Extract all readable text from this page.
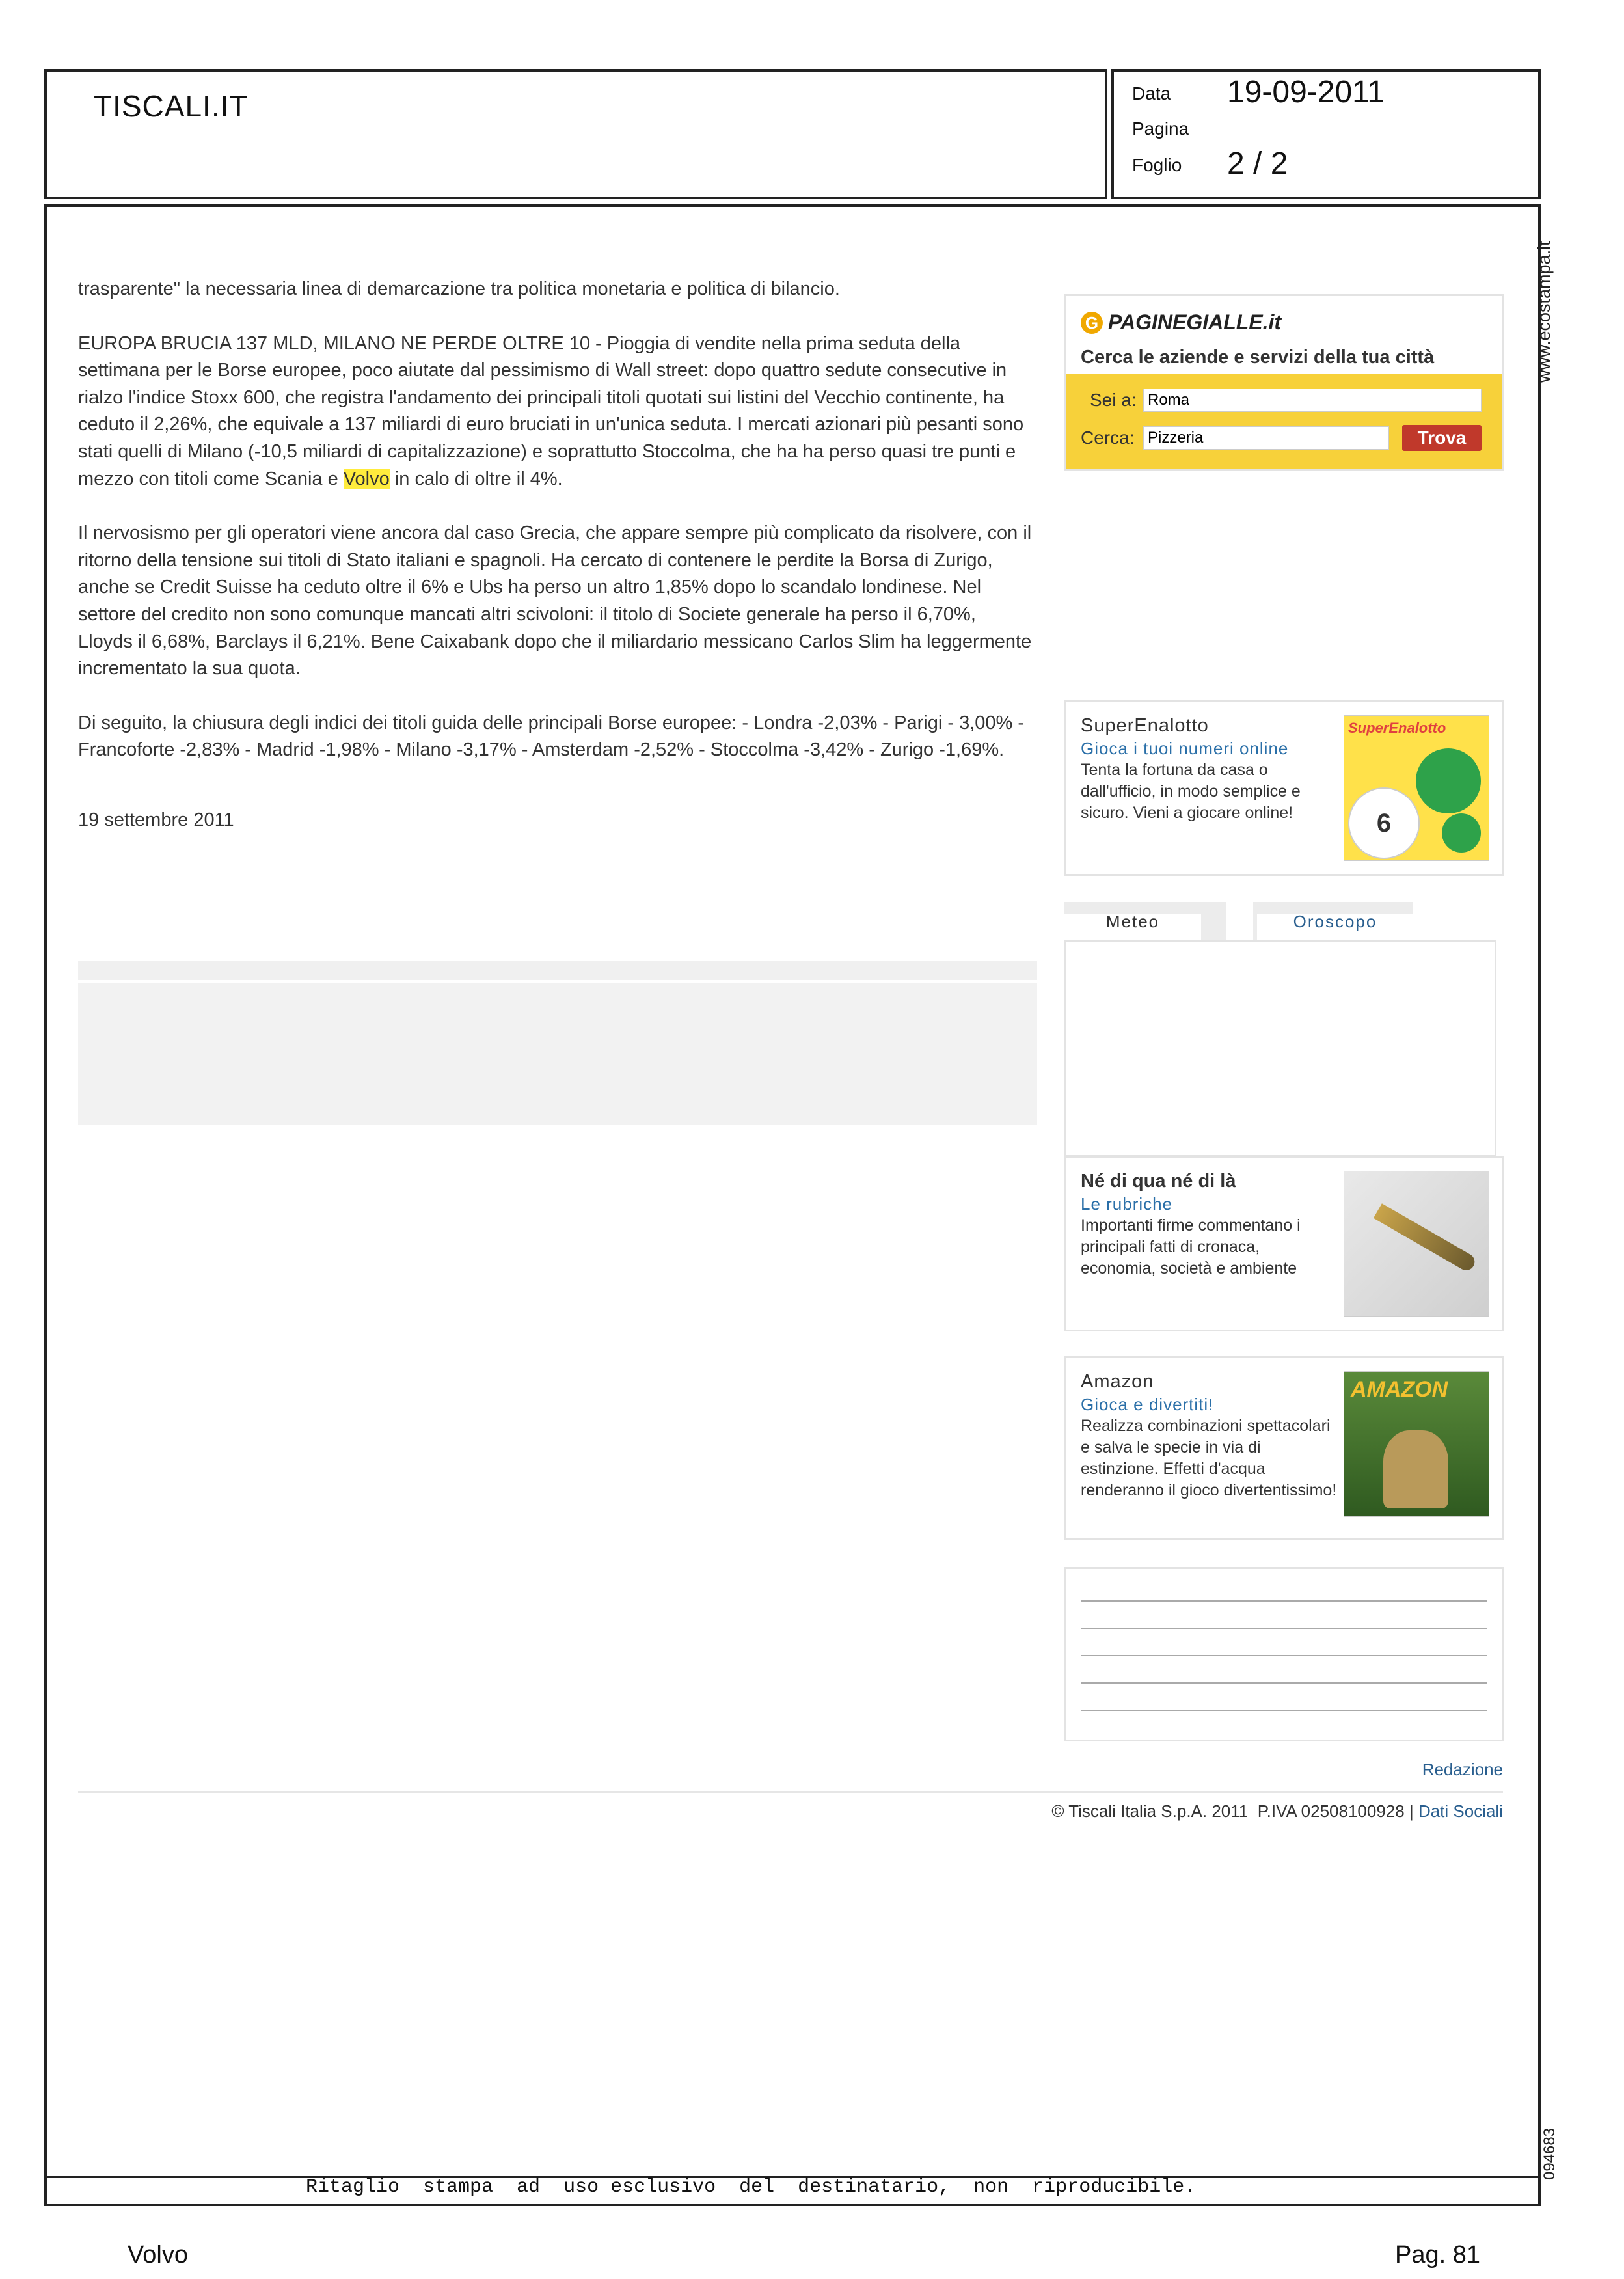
TISCALI.IT	Data 19-09-2011
Pagina
Foglio 2 / 2
www.ecostampa.it
094683

trasparente" la necessaria linea di demarcazione tra politica monetaria e politica di bilancio.

EUROPA BRUCIA 137 MLD, MILANO NE PERDE OLTRE 10 - Pioggia di vendite nella prima seduta della settimana per le Borse europee, poco aiutate dal pessimismo di Wall street: dopo quattro sedute consecutive in rialzo l'indice Stoxx 600, che registra l'andamento dei principali titoli quotati sui listini del Vecchio continente, ha ceduto il 2,26%, che equivale a 137 miliardi di euro bruciati in un'unica seduta. I mercati azionari più pesanti sono stati quelli di Milano (-10,5 miliardi di capitalizzazione) e soprattutto Stoccolma, che ha ha perso quasi tre punti e mezzo con titoli come Scania e Volvo in calo di oltre il 4%.

Il nervosismo per gli operatori viene ancora dal caso Grecia, che appare sempre più complicato da risolvere, con il ritorno della tensione sui titoli di Stato italiani e spagnoli. Ha cercato di contenere le perdite la Borsa di Zurigo, anche se Credit Suisse ha ceduto oltre il 6% e Ubs ha perso un altro 1,85% dopo lo scandalo londinese. Nel settore del credito non sono comunque mancati altri scivoloni: il titolo di Societe generale ha perso il 6,70%, Lloyds il 6,68%, Barclays il 6,21%. Bene Caixabank dopo che il miliardario messicano Carlos Slim ha leggermente incrementato la sua quota.

Di seguito, la chiusura degli indici dei titoli guida delle principali Borse europee: - Londra -2,03% - Parigi - 3,00% - Francoforte -2,83% - Madrid -1,98% - Milano -3,17% - Amsterdam -2,52% - Stoccolma -3,42% - Zurigo -1,69%.

19 settembre 2011

G PAGINEGIALLE.it
Cerca le aziende e servizi della tua città
Sei a:
Roma
Cerca:
Pizzeria	Trova
SuperEnalotto
Gioca i tuoi numeri online
Tenta la fortuna da casa o dall'ufficio, in modo semplice e sicuro. Vieni a giocare online!
SuperEnalotto
6
Meteo	Oroscopo
Né di qua né di là
Le rubriche
Importanti firme commentano i principali fatti di cronaca, economia, società e ambiente
Amazon
Gioca e divertiti!
Realizza combinazioni spettacolari e salva le specie in via di estinzione. Effetti d'acqua renderanno il gioco divertentissimo!
AMAZON
Redazione
© Tiscali Italia S.p.A. 2011  P.IVA 02508100928 | Dati Sociali
Ritaglio  stampa  ad  uso esclusivo  del  destinatario,  non  riproducibile.
Volvo	Pag. 81
